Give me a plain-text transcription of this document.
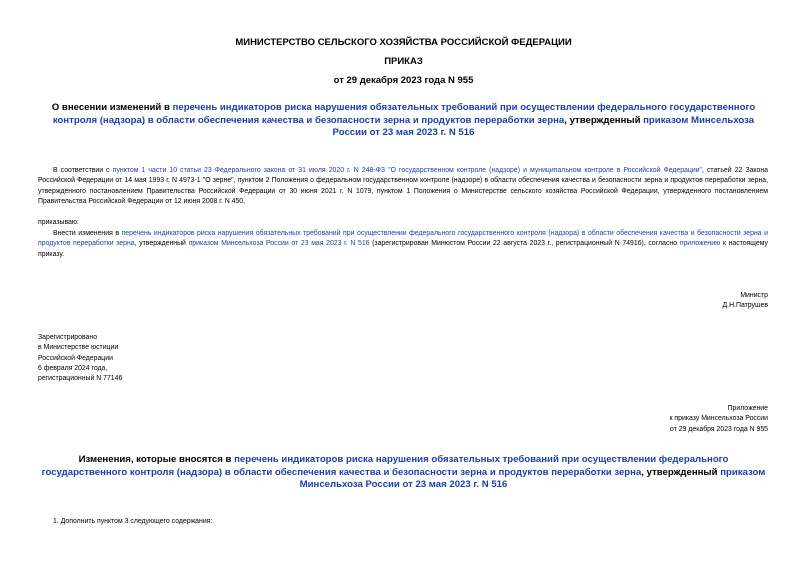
МИНИСТЕРСТВО СЕЛЬСКОГО ХОЗЯЙСТВА РОССИЙСКОЙ ФЕДЕРАЦИИ
ПРИКАЗ
от 29 декабря 2023 года N 955
О внесении изменений в перечень индикаторов риска нарушения обязательных требований при осуществлении федерального государственного контроля (надзора) в области обеспечения качества и безопасности зерна и продуктов переработки зерна, утвержденный приказом Минсельхоза России от 23 мая 2023 г. N 516
В соответствии с пунктом 1 части 10 статьи 23 Федерального закона от 31 июля 2020 г. N 248-ФЗ "О государственном контроле (надзоре) и муниципальном контроле в Российской Федерации", статьей 22 Закона Российской Федерации от 14 мая 1993 г. N 4973-1 "О зерне", пунктом 2 Положения о федеральном государственном контроле (надзоре) в области обеспечения качества и безопасности зерна и продуктов переработки зерна, утвержденного постановлением Правительства Российской Федерации от 30 июня 2021 г. N 1079, пунктом 1 Положения о Министерстве сельского хозяйства Российской Федерации, утвержденного постановлением Правительства Российской Федерации от 12 июня 2008 г. N 450,
приказываю:
Внести изменения в перечень индикаторов риска нарушения обязательных требований при осуществлении федерального государственного контроля (надзора) в области обеспечения качества и безопасности зерна и продуктов переработки зерна, утвержденный приказом Минсельхоза России от 23 мая 2023 г. N 516 (зарегистрирован Минюстом России 22 августа 2023 г., регистрационный N 74916), согласно приложению к настоящему приказу.
Министр
Д.Н.Патрушев
Зарегистрировано
в Министерстве юстиции
Российской Федерации
6 февраля 2024 года,
регистрационный N 77146
Приложение
к приказу Минсельхоза России
от 29 декабря 2023 года N 955
Изменения, которые вносятся в перечень индикаторов риска нарушения обязательных требований при осуществлении федерального государственного контроля (надзора) в области обеспечения качества и безопасности зерна и продуктов переработки зерна, утвержденный приказом Минсельхоза России от 23 мая 2023 г. N 516
1. Дополнить пунктом 3 следующего содержания:
